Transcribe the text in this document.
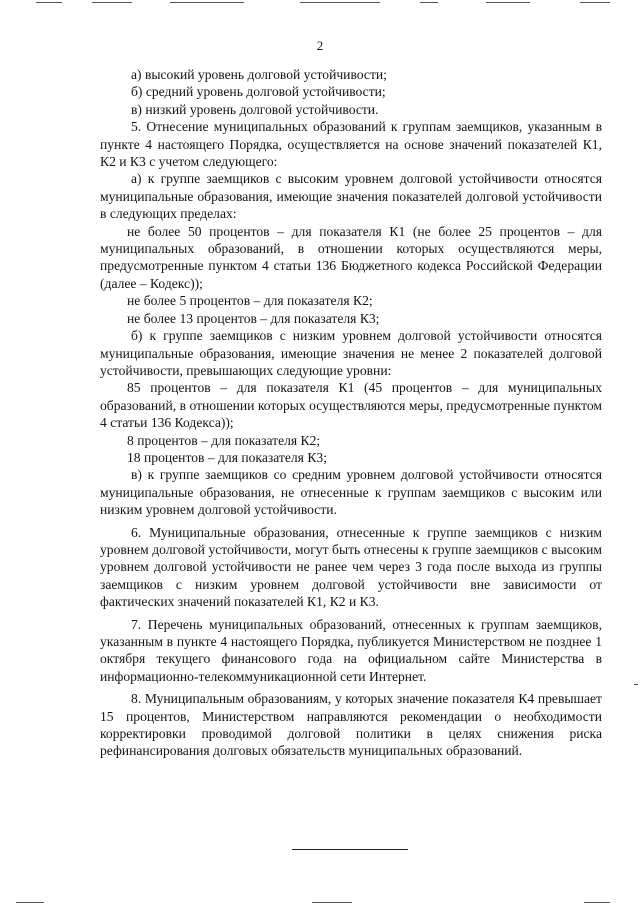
2

а) высокий уровень долговой устойчивости;

б) средний уровень долговой устойчивости;

в) низкий уровень долговой устойчивости.

5. Отнесение муниципальных образований к группам заемщиков, указанным в пункте 4 настоящего Порядка, осуществляется на основе значений показателей К1, К2 и К3 с учетом следующего:

а) к группе заемщиков с высоким уровнем долговой устойчивости относятся муниципальные образования, имеющие значения показателей долговой устойчивости в следующих пределах:

не более 50 процентов – для показателя К1 (не более 25 процентов – для муниципальных образований, в отношении которых осуществляются меры, предусмотренные пунктом 4 статьи 136 Бюджетного кодекса Российской Федерации (далее – Кодекс));

не более 5 процентов – для показателя К2;

не более 13 процентов – для показателя К3;

б) к группе заемщиков с низким уровнем долговой устойчивости относятся муниципальные образования, имеющие значения не менее 2 показателей долговой устойчивости, превышающих следующие уровни:

85 процентов – для показателя К1 (45 процентов – для муниципальных образований, в отношении которых осуществляются меры, предусмотренные пунктом 4 статьи 136 Кодекса));

8 процентов – для показателя К2;

18 процентов – для показателя К3;

в) к группе заемщиков со средним уровнем долговой устойчивости относятся муниципальные образования, не отнесенные к группам заемщиков с высоким или низким уровнем долговой устойчивости.

6. Муниципальные образования, отнесенные к группе заемщиков с низким уровнем долговой устойчивости, могут быть отнесены к группе заемщиков с высоким уровнем долговой устойчивости не ранее чем через 3 года после выхода из группы заемщиков с низким уровнем долговой устойчивости вне зависимости от фактических значений показателей К1, К2 и К3.

7. Перечень муниципальных образований, отнесенных к группам заемщиков, указанным в пункте 4 настоящего Порядка, публикуется Министерством не позднее 1 октября текущего финансового года на официальном сайте Министерства в информационно-телекоммуникационной сети Интернет.

8. Муниципальным образованиям, у которых значение показателя К4 превышает 15 процентов, Министерством направляются рекомендации о необходимости корректировки проводимой долговой политики в целях снижения риска рефинансирования долговых обязательств муниципальных образований.
